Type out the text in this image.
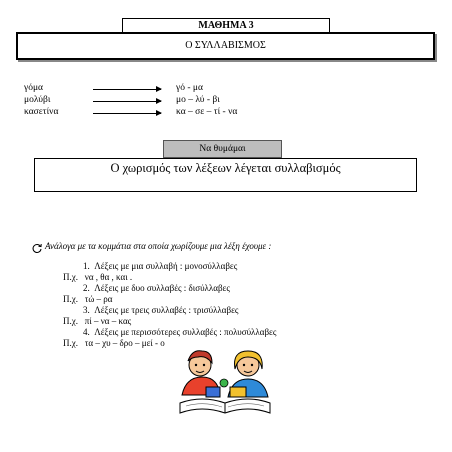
ΜΑΘΗΜΑ 3
Ο ΣΥΛΛΑΒΙΣΜΟΣ
γόμα	γό - μα
μολύβι	μο – λύ - βι
κασετίνα	κα – σε – τί - να
Να θυμάμαι
Ο χωρισμός των λέξεων λέγεται συλλαβισμός
Ανάλογα με τα κομμάτια στα οποία χωρίζουμε μια λέξη έχουμε :
1. Λέξεις με μια συλλαβή : μονοσύλλαβες
Π.χ. να , θα , και .
2. Λέξεις με δυο συλλαβές : δισύλλαβες
Π.χ. τώ – ρα
3. Λέξεις με τρεις συλλαβές : τρισύλλαβες
Π.χ. πί – να – κας
4. Λέξεις με περισσότερες συλλαβές : πολυσύλλαβες
Π.χ. τα – χυ – δρο – μεί - ο
